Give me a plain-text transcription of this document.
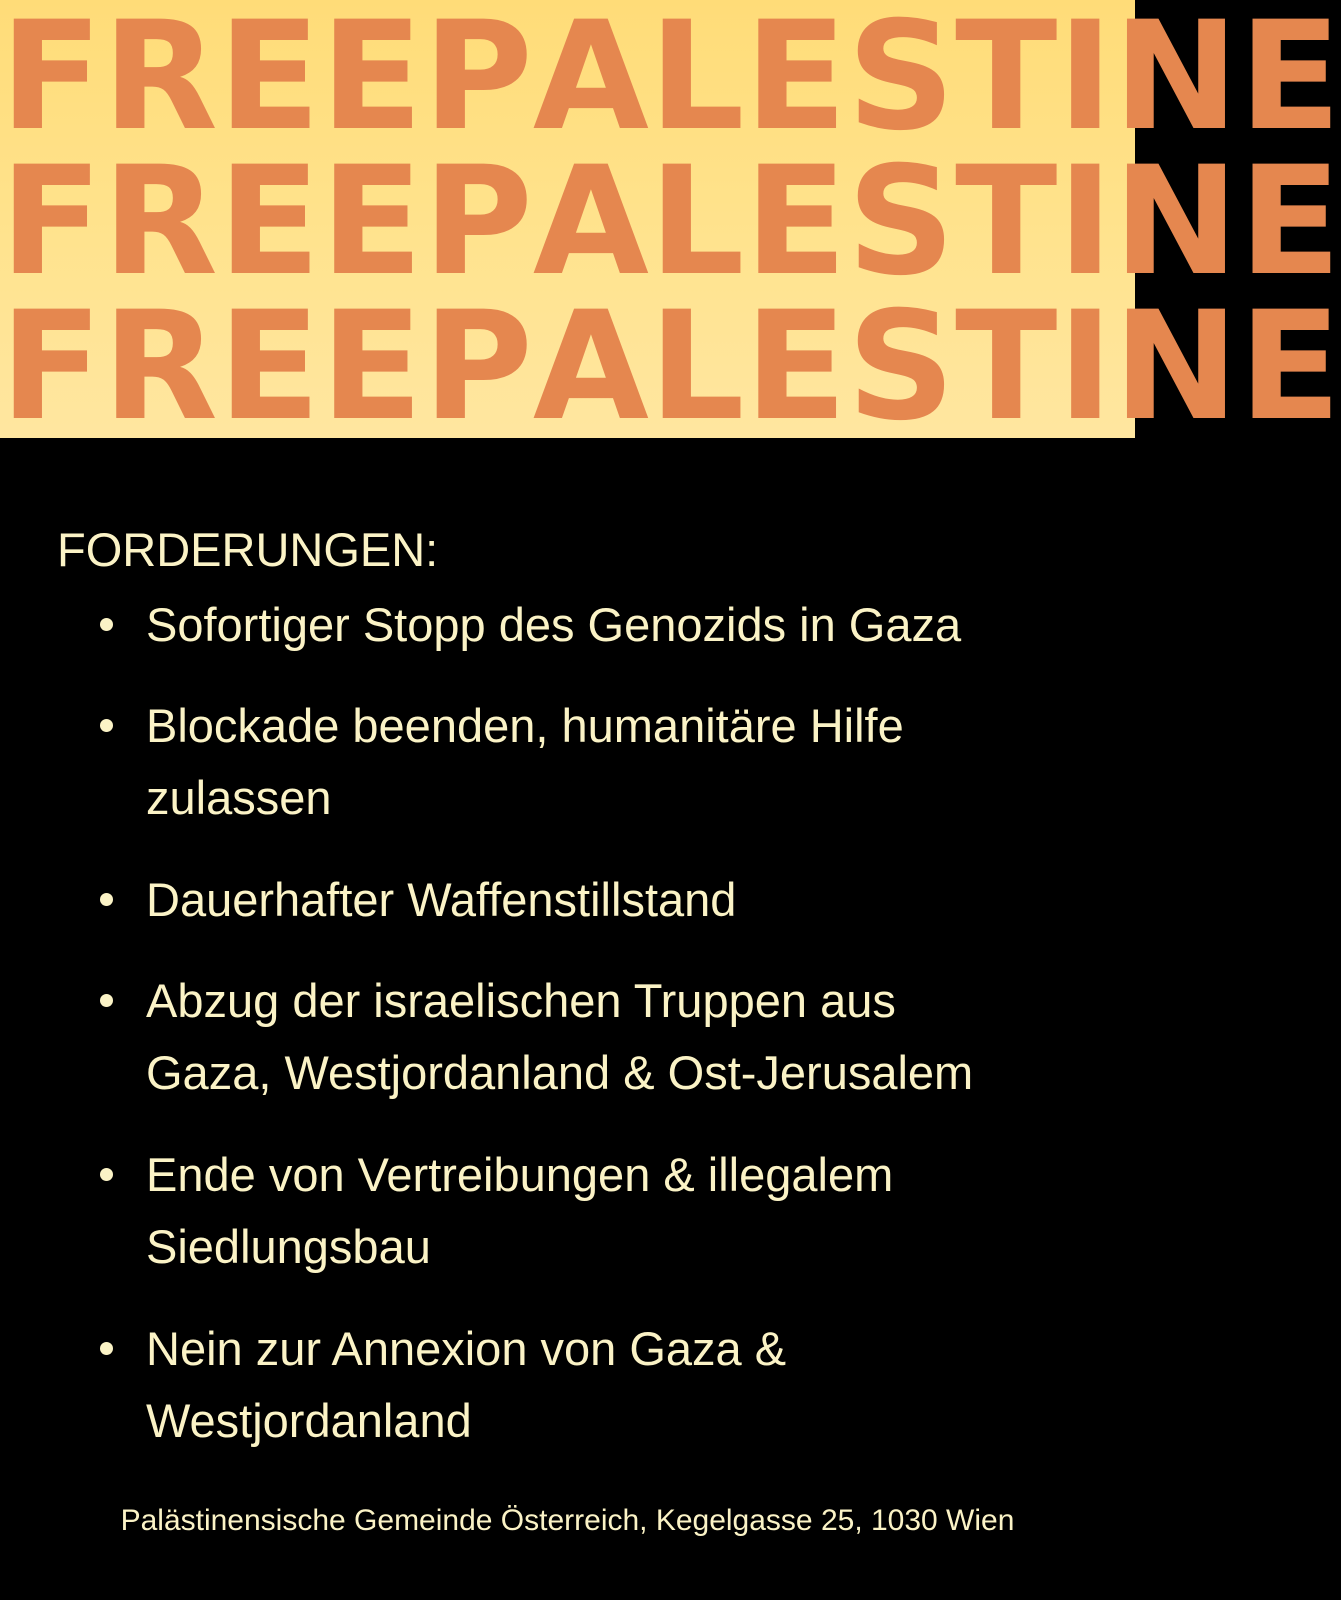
F R E E P A L E S T I N E
F R E E P A L E S T I N E
F R E E P A L E S T I N E
FORDERUNGEN:
Sofortiger Stopp des Genozids in Gaza
Blockade beenden, humanitäre Hilfe
zulassen
Dauerhafter Waffenstillstand
Abzug der israelischen Truppen aus
Gaza, Westjordanland & Ost-Jerusalem
Ende von Vertreibungen & illegalem
Siedlungsbau
Nein zur Annexion von Gaza &
Westjordanland
Palästinensische Gemeinde Österreich, Kegelgasse 25, 1030 Wien
